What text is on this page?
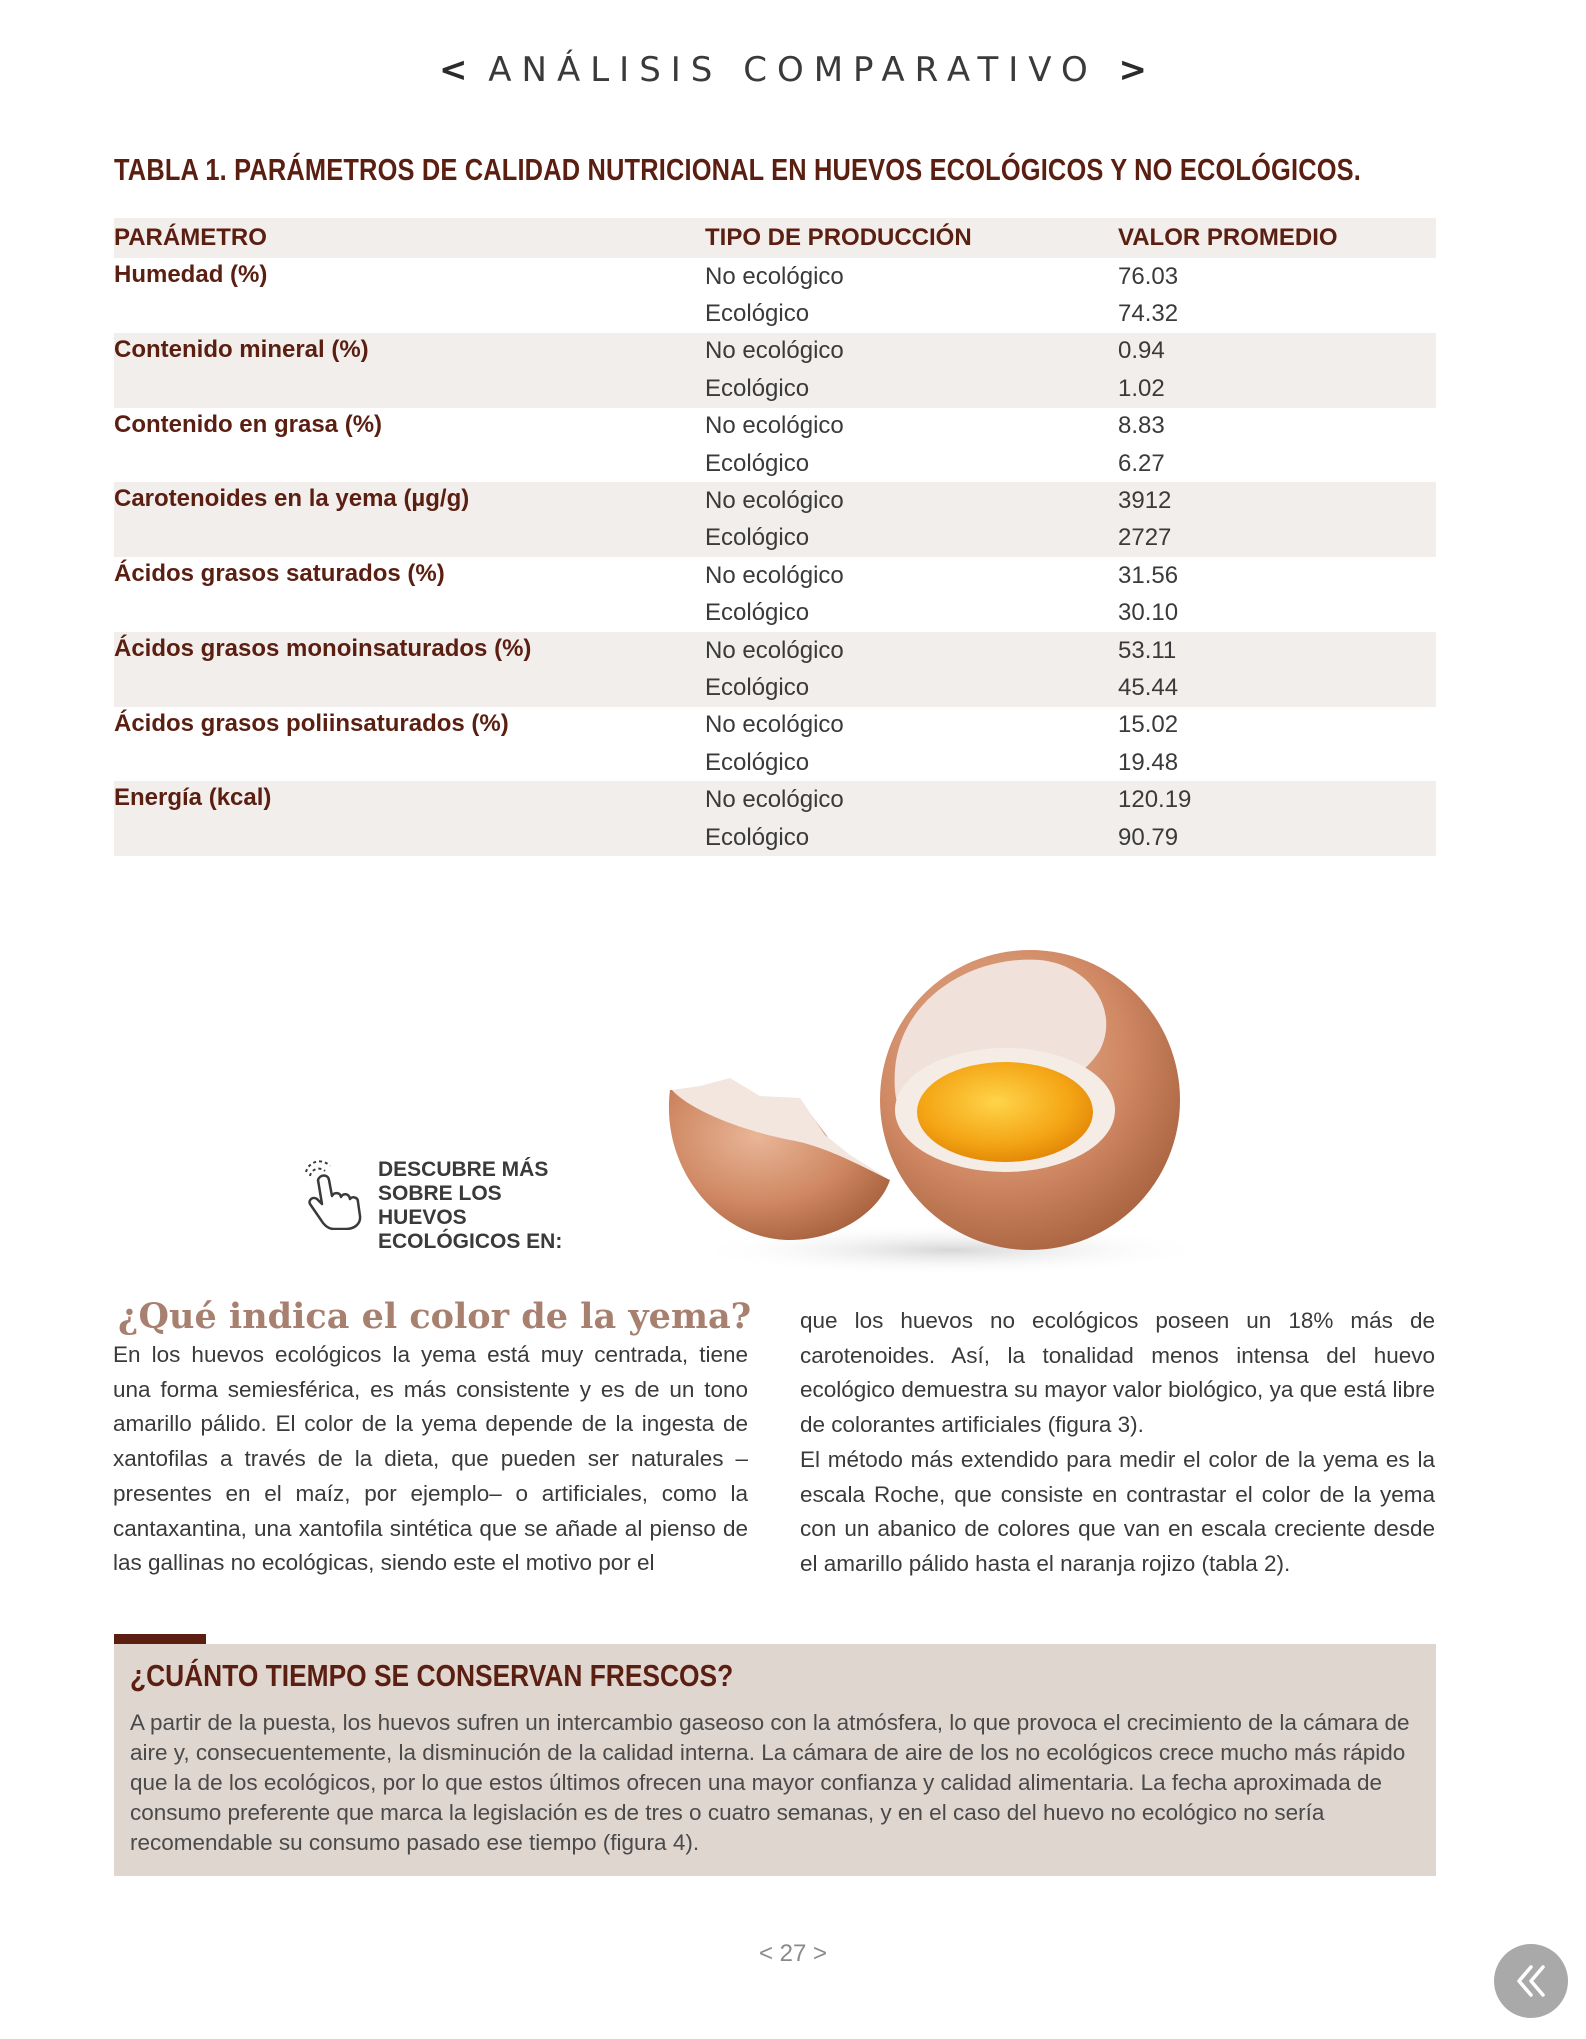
< ANÁLISIS COMPARATIVO >
TABLA 1. PARÁMETROS DE CALIDAD NUTRICIONAL EN HUEVOS ECOLÓGICOS Y NO ECOLÓGICOS.
PARÁMETRO	TIPO DE PRODUCCIÓN	VALOR PROMEDIO
Humedad (%)	No ecológico	76.03
	Ecológico	74.32
Contenido mineral (%)	No ecológico	0.94
	Ecológico	1.02
Contenido en grasa (%)	No ecológico	8.83
	Ecológico	6.27
Carotenoides en la yema (µg/g)	No ecológico	3912
	Ecológico	2727
Ácidos grasos saturados (%)	No ecológico	31.56
	Ecológico	30.10
Ácidos grasos monoinsaturados (%)	No ecológico	53.11
	Ecológico	45.44
Ácidos grasos poliinsaturados (%)	No ecológico	15.02
	Ecológico	19.48
Energía (kcal)	No ecológico	120.19
	Ecológico	90.79
DESCUBRE MÁS SOBRE LOS HUEVOS ECOLÓGICOS EN:
¿Qué indica el color de la yema?

En los huevos ecológicos la yema está muy centrada, tiene una forma semiesférica, es más consistente y es de un tono amarillo pálido. El color de la yema depende de la ingesta de xantofilas a través de la dieta, que pueden ser naturales –presentes en el maíz, por ejemplo– o artificiales, como la cantaxantina, una xantofila sintética que se añade al pienso de las gallinas no ecológicas, siendo este el motivo por el

que los huevos no ecológicos poseen un 18% más de carotenoides. Así, la tonalidad menos intensa del huevo ecológico demuestra su mayor valor biológico, ya que está libre de colorantes artificiales (figura 3).

El método más extendido para medir el color de la yema es la escala Roche, que consiste en contrastar el color de la yema con un abanico de colores que van en escala creciente desde el amarillo pálido hasta el naranja rojizo (tabla 2).

¿CUÁNTO TIEMPO SE CONSERVAN FRESCOS?
A partir de la puesta, los huevos sufren un intercambio gaseoso con la atmósfera, lo que provoca el crecimiento de la cámara de aire y, consecuentemente, la disminución de la calidad interna. La cámara de aire de los no ecológicos crece mucho más rápido que la de los ecológicos, por lo que estos últimos ofrecen una mayor confianza y calidad alimentaria. La fecha aproximada de consumo preferente que marca la legislación es de tres o cuatro semanas, y en el caso del huevo no ecológico no sería recomendable su consumo pasado ese tiempo (figura 4).
< 27 >
